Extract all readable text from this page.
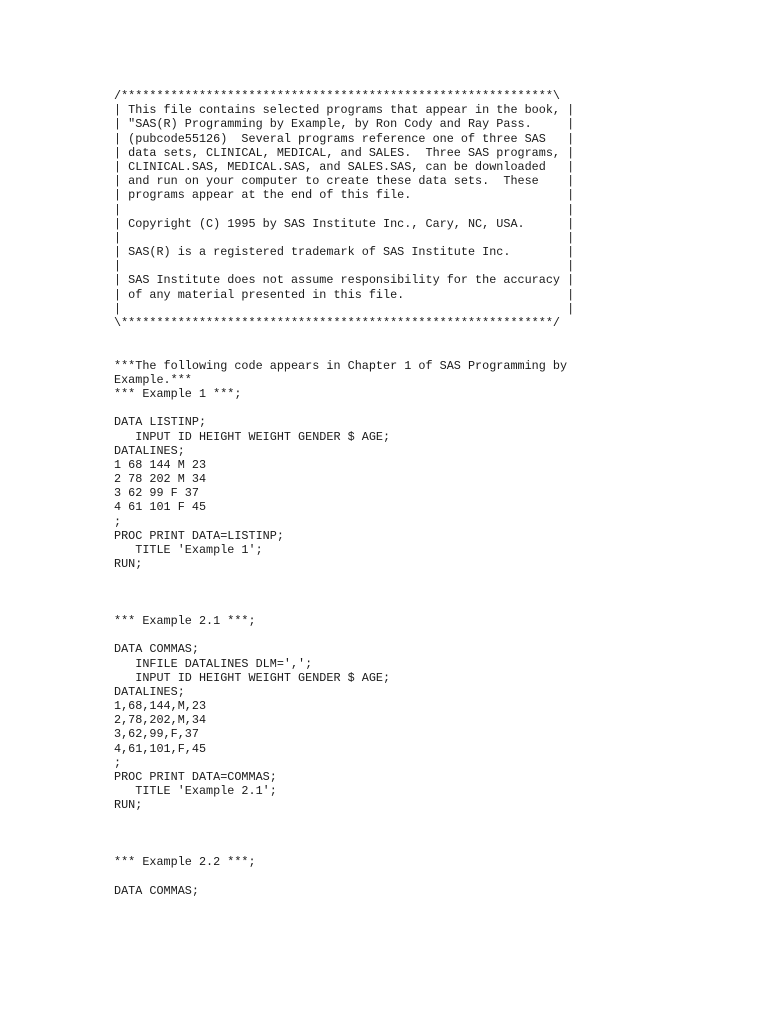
/*************************************************************\
| This file contains selected programs that appear in the book, |
| "SAS(R) Programming by Example, by Ron Cody and Ray Pass.     |
| (pubcode55126)  Several programs reference one of three SAS   |
| data sets, CLINICAL, MEDICAL, and SALES.  Three SAS programs, |
| CLINICAL.SAS, MEDICAL.SAS, and SALES.SAS, can be downloaded   |
| and run on your computer to create these data sets.  These    |
| programs appear at the end of this file.                      |
|                                                               |
| Copyright (C) 1995 by SAS Institute Inc., Cary, NC, USA.      |
|                                                               |
| SAS(R) is a registered trademark of SAS Institute Inc.        |
|                                                               |
| SAS Institute does not assume responsibility for the accuracy |
| of any material presented in this file.                       |
|                                                               |
\*************************************************************/

***The following code appears in Chapter 1 of SAS Programming by
Example.***
*** Example 1 ***;

DATA LISTINP;
INPUT ID HEIGHT WEIGHT GENDER $ AGE;
DATALINES;
1 68 144 M 23
2 78 202 M 34
3 62 99 F 37
4 61 101 F 45
;
PROC PRINT DATA=LISTINP;
TITLE 'Example 1';
RUN;

*** Example 2.1 ***;

DATA COMMAS;
INFILE DATALINES DLM=',';
INPUT ID HEIGHT WEIGHT GENDER $ AGE;
DATALINES;
1,68,144,M,23
2,78,202,M,34
3,62,99,F,37
4,61,101,F,45
;
PROC PRINT DATA=COMMAS;
TITLE 'Example 2.1';
RUN;

*** Example 2.2 ***;

DATA COMMAS;
